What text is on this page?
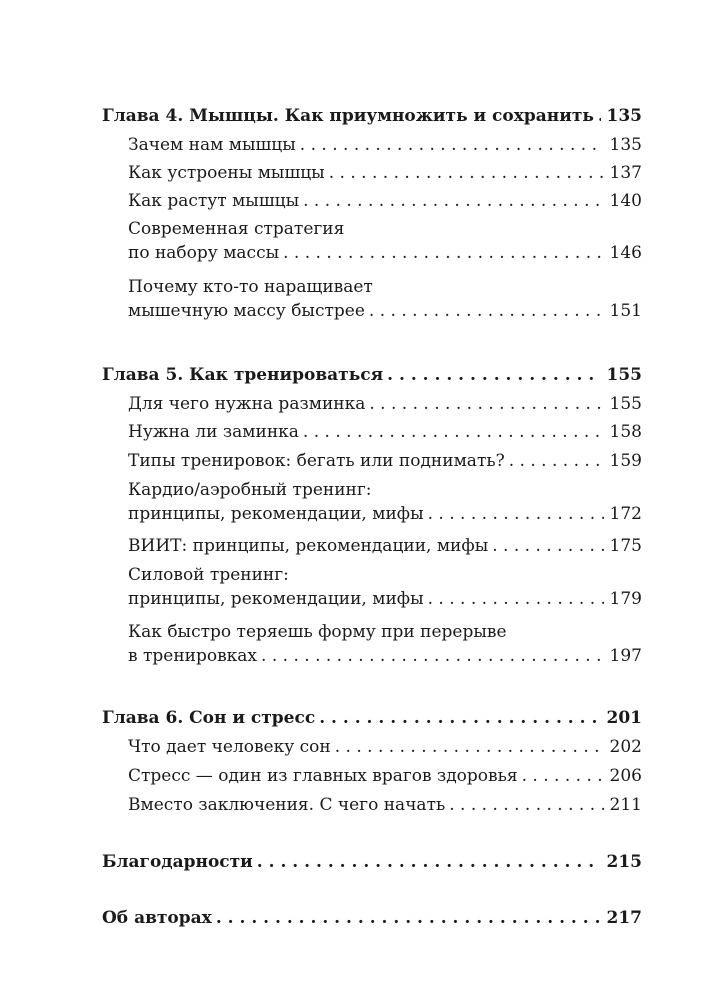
Глава 4. Мышцы. Как приумножить и сохранить . . . 135
Зачем нам мышцы . . .	135
Как устроены мышцы . . .	137
Как растут мышцы . . .	140
Современная стратегия
по набору массы . . .	146
Почему кто-то наращивает
мышечную массу быстрее . . .	151
Глава 5. Как тренироваться . . .	155
Для чего нужна разминка . . .	155
Нужна ли заминка . . .	158
Типы тренировок: бегать или поднимать? . . .	159
Кардио/аэробный тренинг:
принципы, рекомендации, мифы . . .	172
ВИИТ: принципы, рекомендации, мифы . . .	175
Силовой тренинг:
принципы, рекомендации, мифы . . .	179
Как быстро теряешь форму при перерыве
в тренировках . . .	197
Глава 6. Сон и стресс . . .	201
Что дает человеку сон . . .	202
Стресс — один из главных врагов здоровья . . .	206
Вместо заключения. С чего начать . . .	211
Благодарности . . .	215
Об авторах . . .	217
